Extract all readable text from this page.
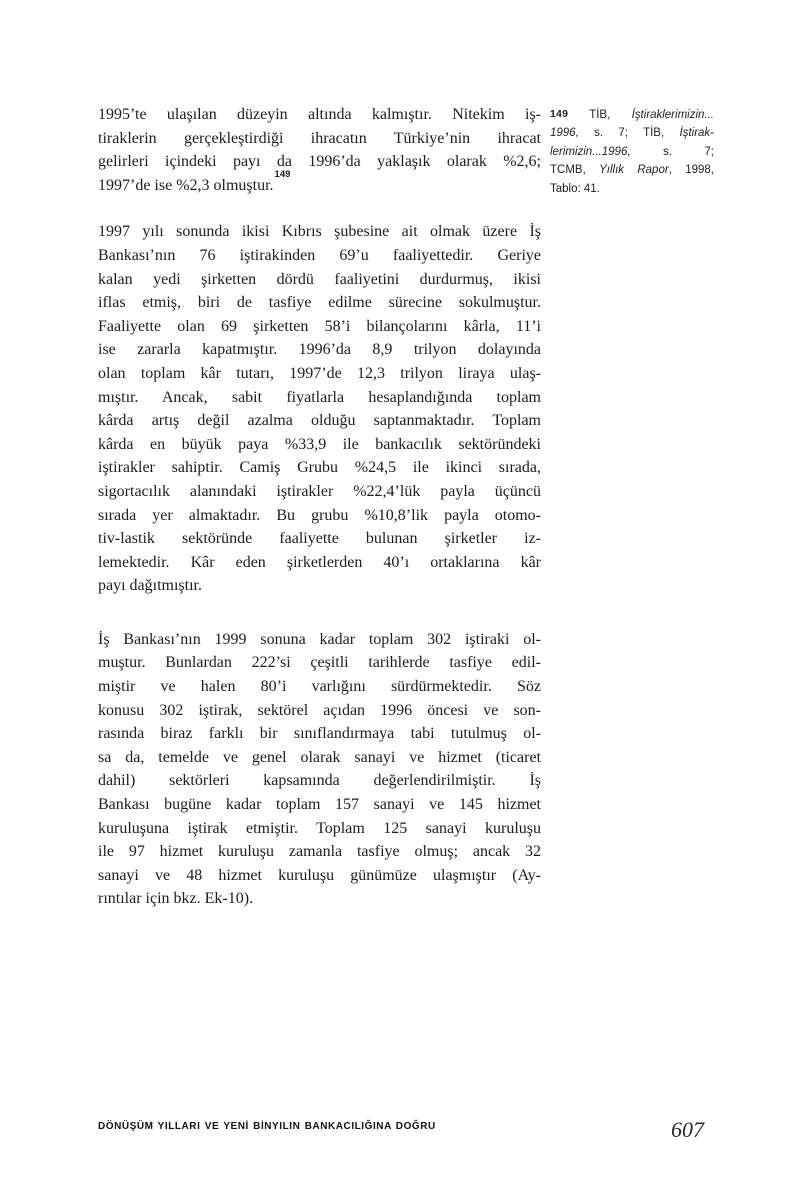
1995’te ulaşılan düzeyin altında kalmıştır. Nitekim iş-
tiraklerin gerçekleştirdiği ihracatın Türkiye’nin ihracat
gelirleri içindeki payı da 1996’da yaklaşık olarak %2,6;
1997’de ise %2,3 olmuştur.$^{149}$
1997 yılı sonunda ikisi Kıbrıs şubesine ait olmak üzere İş
Bankası’nın 76 iştirakinden 69’u faaliyettedir. Geriye
kalan yedi şirketten dördü faaliyetini durdurmuş, ikisi
iflas etmiş, biri de tasfiye edilme sürecine sokulmuştur.
Faaliyette olan 69 şirketten 58’i bilançolarını kârla, 11’i
ise zararla kapatmıştır. 1996’da 8,9 trilyon dolayında
olan toplam kâr tutarı, 1997’de 12,3 trilyon liraya ulaş-
mıştır. Ancak, sabit fiyatlarla hesaplandığında toplam
kârda artış değil azalma olduğu saptanmaktadır. Toplam
kârda en büyük paya %33,9 ile bankacılık sektöründeki
iştirakler sahiptir. Camiş Grubu %24,5 ile ikinci sırada,
sigortacılık alanındaki iştirakler %22,4’lük payla üçüncü
sırada yer almaktadır. Bu grubu %10,8’lik payla otomo-
tiv-lastik sektöründe faaliyette bulunan şirketler iz-
lemektedir. Kâr eden şirketlerden 40’ı ortaklarına kâr
payı dağıtmıştır.
İş Bankası’nın 1999 sonuna kadar toplam 302 iştiraki ol-
muştur. Bunlardan 222’si çeşitli tarihlerde tasfiye edil-
miştir ve halen 80’i varlığını sürdürmektedir. Söz
konusu 302 iştirak, sektörel açıdan 1996 öncesi ve son-
rasında biraz farklı bir sınıflandırmaya tabi tutulmuş ol-
sa da, temelde ve genel olarak sanayi ve hizmet (ticaret
dahil) sektörleri kapsamında değerlendirilmiştir. İş
Bankası bugüne kadar toplam 157 sanayi ve 145 hizmet
kuruluşuna iştirak etmiştir. Toplam 125 sanayi kuruluşu
ile 97 hizmet kuruluşu zamanla tasfiye olmuş; ancak 32
sanayi ve 48 hizmet kuruluşu günümüze ulaşmıştır (Ay-
rıntılar için bkz. Ek-10).
149 TİB, İştiraklerimizin...
1996, s. 7; TİB, İştirak-
lerimizin...1996, s. 7;
TCMB, Yıllık Rapor, 1998,
Tablo: 41.
DÖNÜŞÜM YILLARI VE YENİ BİNYILIN BANKACILIĞINA DOĞRU	607
